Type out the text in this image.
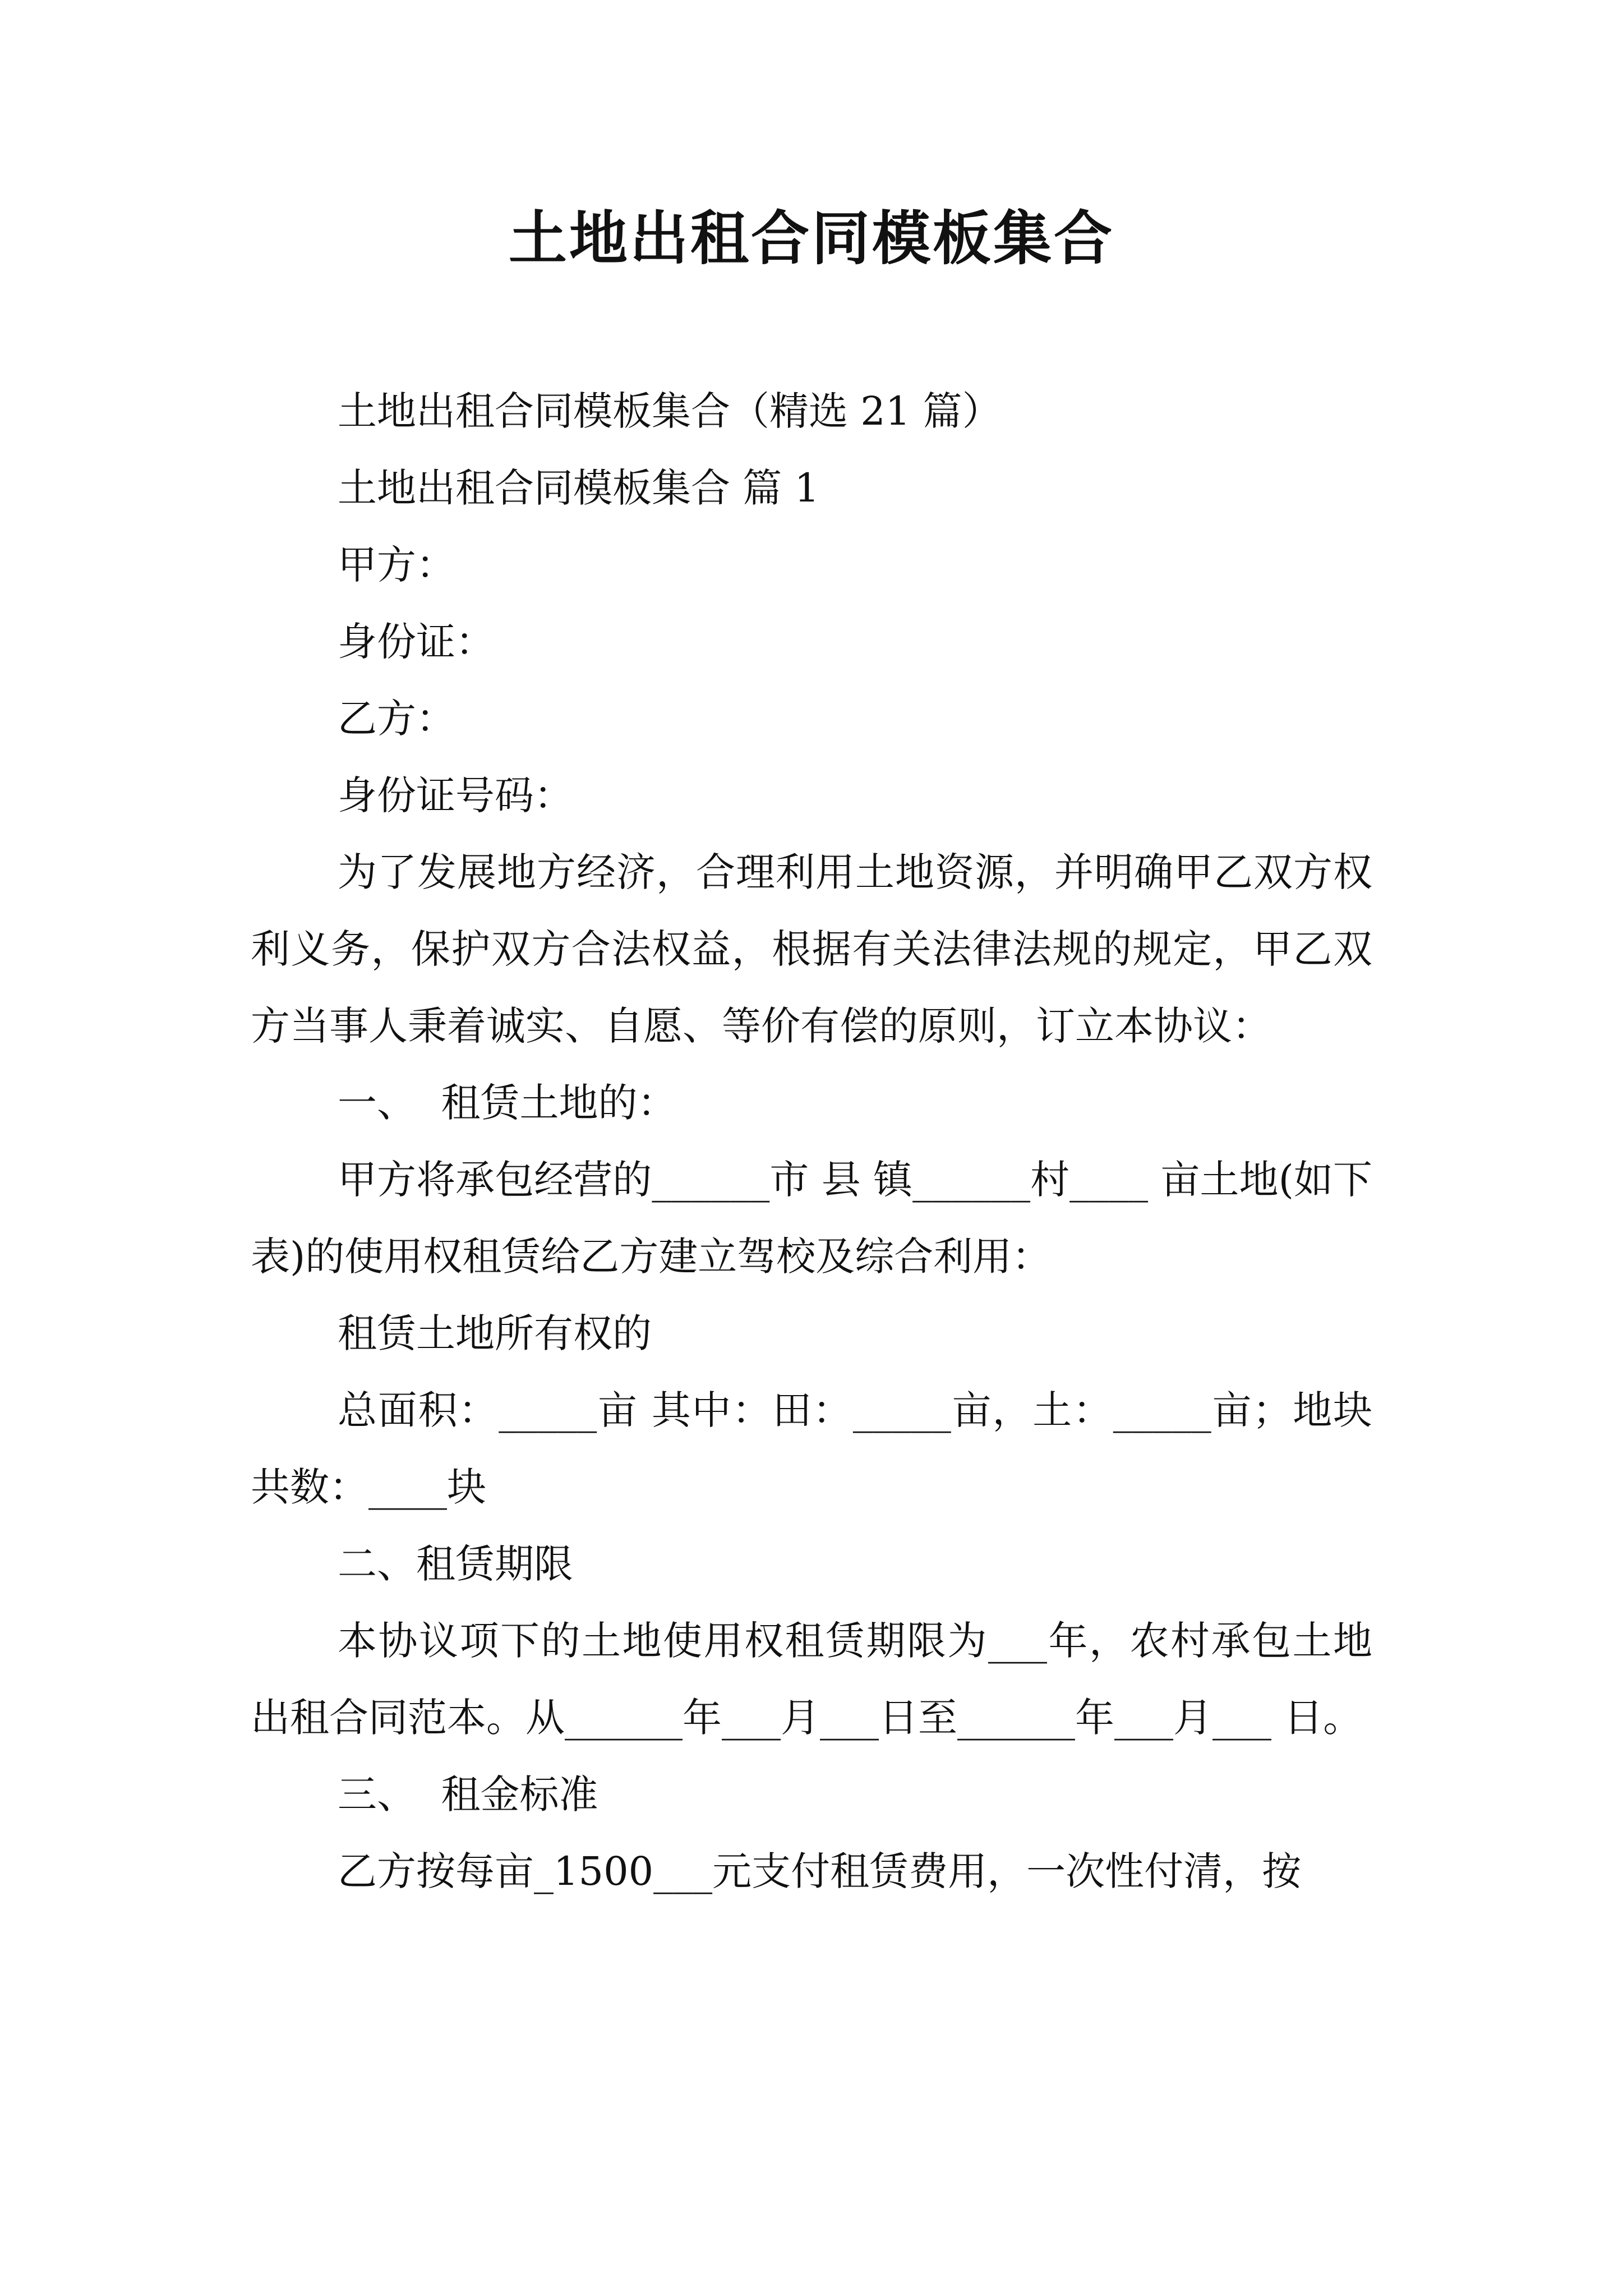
土地出租合同模板集合

土地出租合同模板集合（精选 21 篇）

土地出租合同模板集合 篇 1

甲方：

身份证：

乙方：

身份证号码：

为了发展地方经济，合理利用土地资源，并明确甲乙双方权利义务，保护双方合法权益，根据有关法律法规的规定，甲乙双方当事人秉着诚实、自愿、等价有偿的原则，订立本协议：

一、  租赁土地的：

甲方将承包经营的______市 县 镇______村____ 亩土地(如下表)的使用权租赁给乙方建立驾校及综合利用：

租赁土地所有权的

总面积：_____亩 其中：田：_____亩，土：_____亩；地块共数：____块

二、租赁期限

本协议项下的土地使用权租赁期限为___年，农村承包土地出租合同范本。从______年___月___日至______年___月___ 日。

三、  租金标准

乙方按每亩_1500___元支付租赁费用，一次性付清，按
